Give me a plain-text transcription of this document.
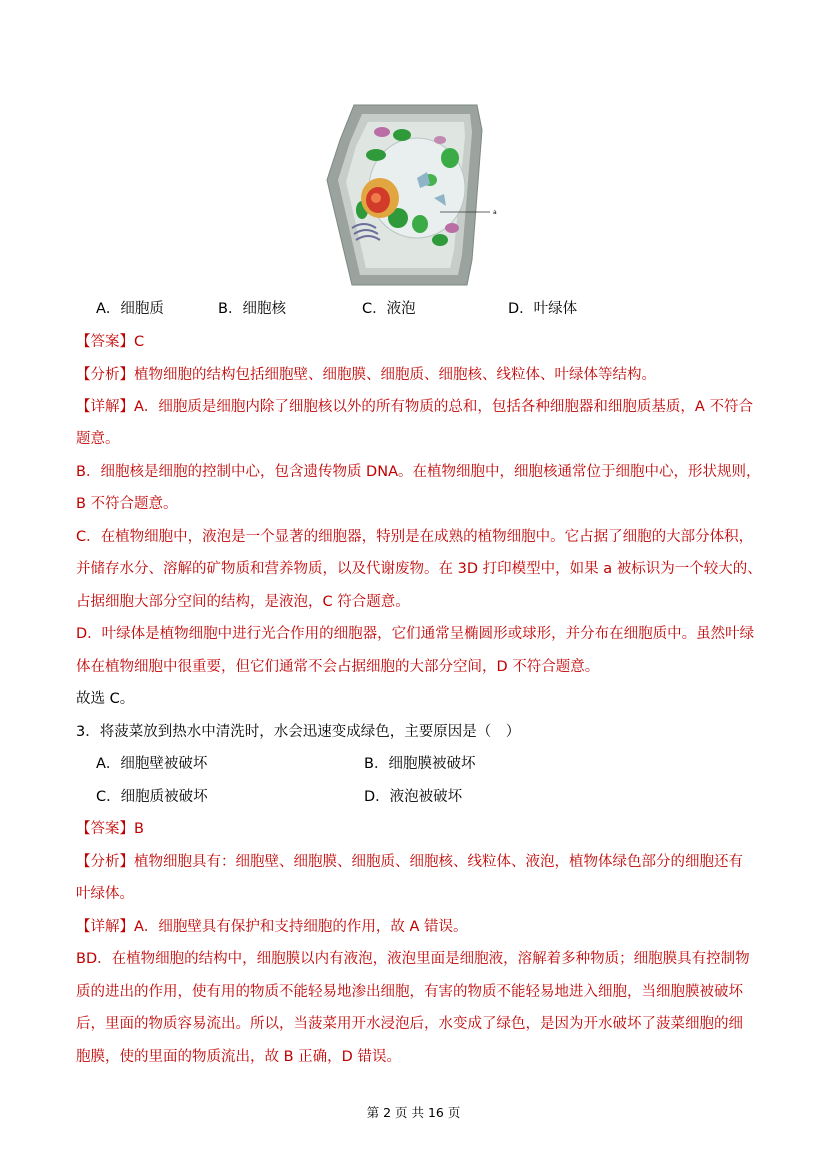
a
A．细胞质	B．细胞核	C．液泡	D．叶绿体
【答案】C
【分析】植物细胞的结构包括细胞壁、细胞膜、细胞质、细胞核、线粒体、叶绿体等结构。
【详解】A．细胞质是细胞内除了细胞核以外的所有物质的总和，包括各种细胞器和细胞质基质，A 不符合
题意。
B．细胞核是细胞的控制中心，包含遗传物质 DNA。在植物细胞中，细胞核通常位于细胞中心，形状规则，
B 不符合题意。
C．在植物细胞中，液泡是一个显著的细胞器，特别是在成熟的植物细胞中。它占据了细胞的大部分体积，
并储存水分、溶解的矿物质和营养物质，以及代谢废物。在 3D 打印模型中，如果 a 被标识为一个较大的、
占据细胞大部分空间的结构，是液泡，C 符合题意。
D．叶绿体是植物细胞中进行光合作用的细胞器，它们通常呈椭圆形或球形，并分布在细胞质中。虽然叶绿
体在植物细胞中很重要，但它们通常不会占据细胞的大部分空间，D 不符合题意。
故选 C。
3．将菠菜放到热水中清洗时，水会迅速变成绿色，主要原因是（　）
A．细胞壁被破坏	B．细胞膜被破坏
C．细胞质被破坏	D．液泡被破坏
【答案】B
【分析】植物细胞具有：细胞壁、细胞膜、细胞质、细胞核、线粒体、液泡，植物体绿色部分的细胞还有
叶绿体。
【详解】A．细胞壁具有保护和支持细胞的作用，故 A 错误。
BD．在植物细胞的结构中，细胞膜以内有液泡，液泡里面是细胞液，溶解着多种物质；细胞膜具有控制物
质的进出的作用，使有用的物质不能轻易地渗出细胞，有害的物质不能轻易地进入细胞，当细胞膜被破坏
后，里面的物质容易流出。所以，当菠菜用开水浸泡后，水变成了绿色，是因为开水破坏了菠菜细胞的细
胞膜，使的里面的物质流出，故 B 正确，D 错误。
第 2 页 共 16 页
